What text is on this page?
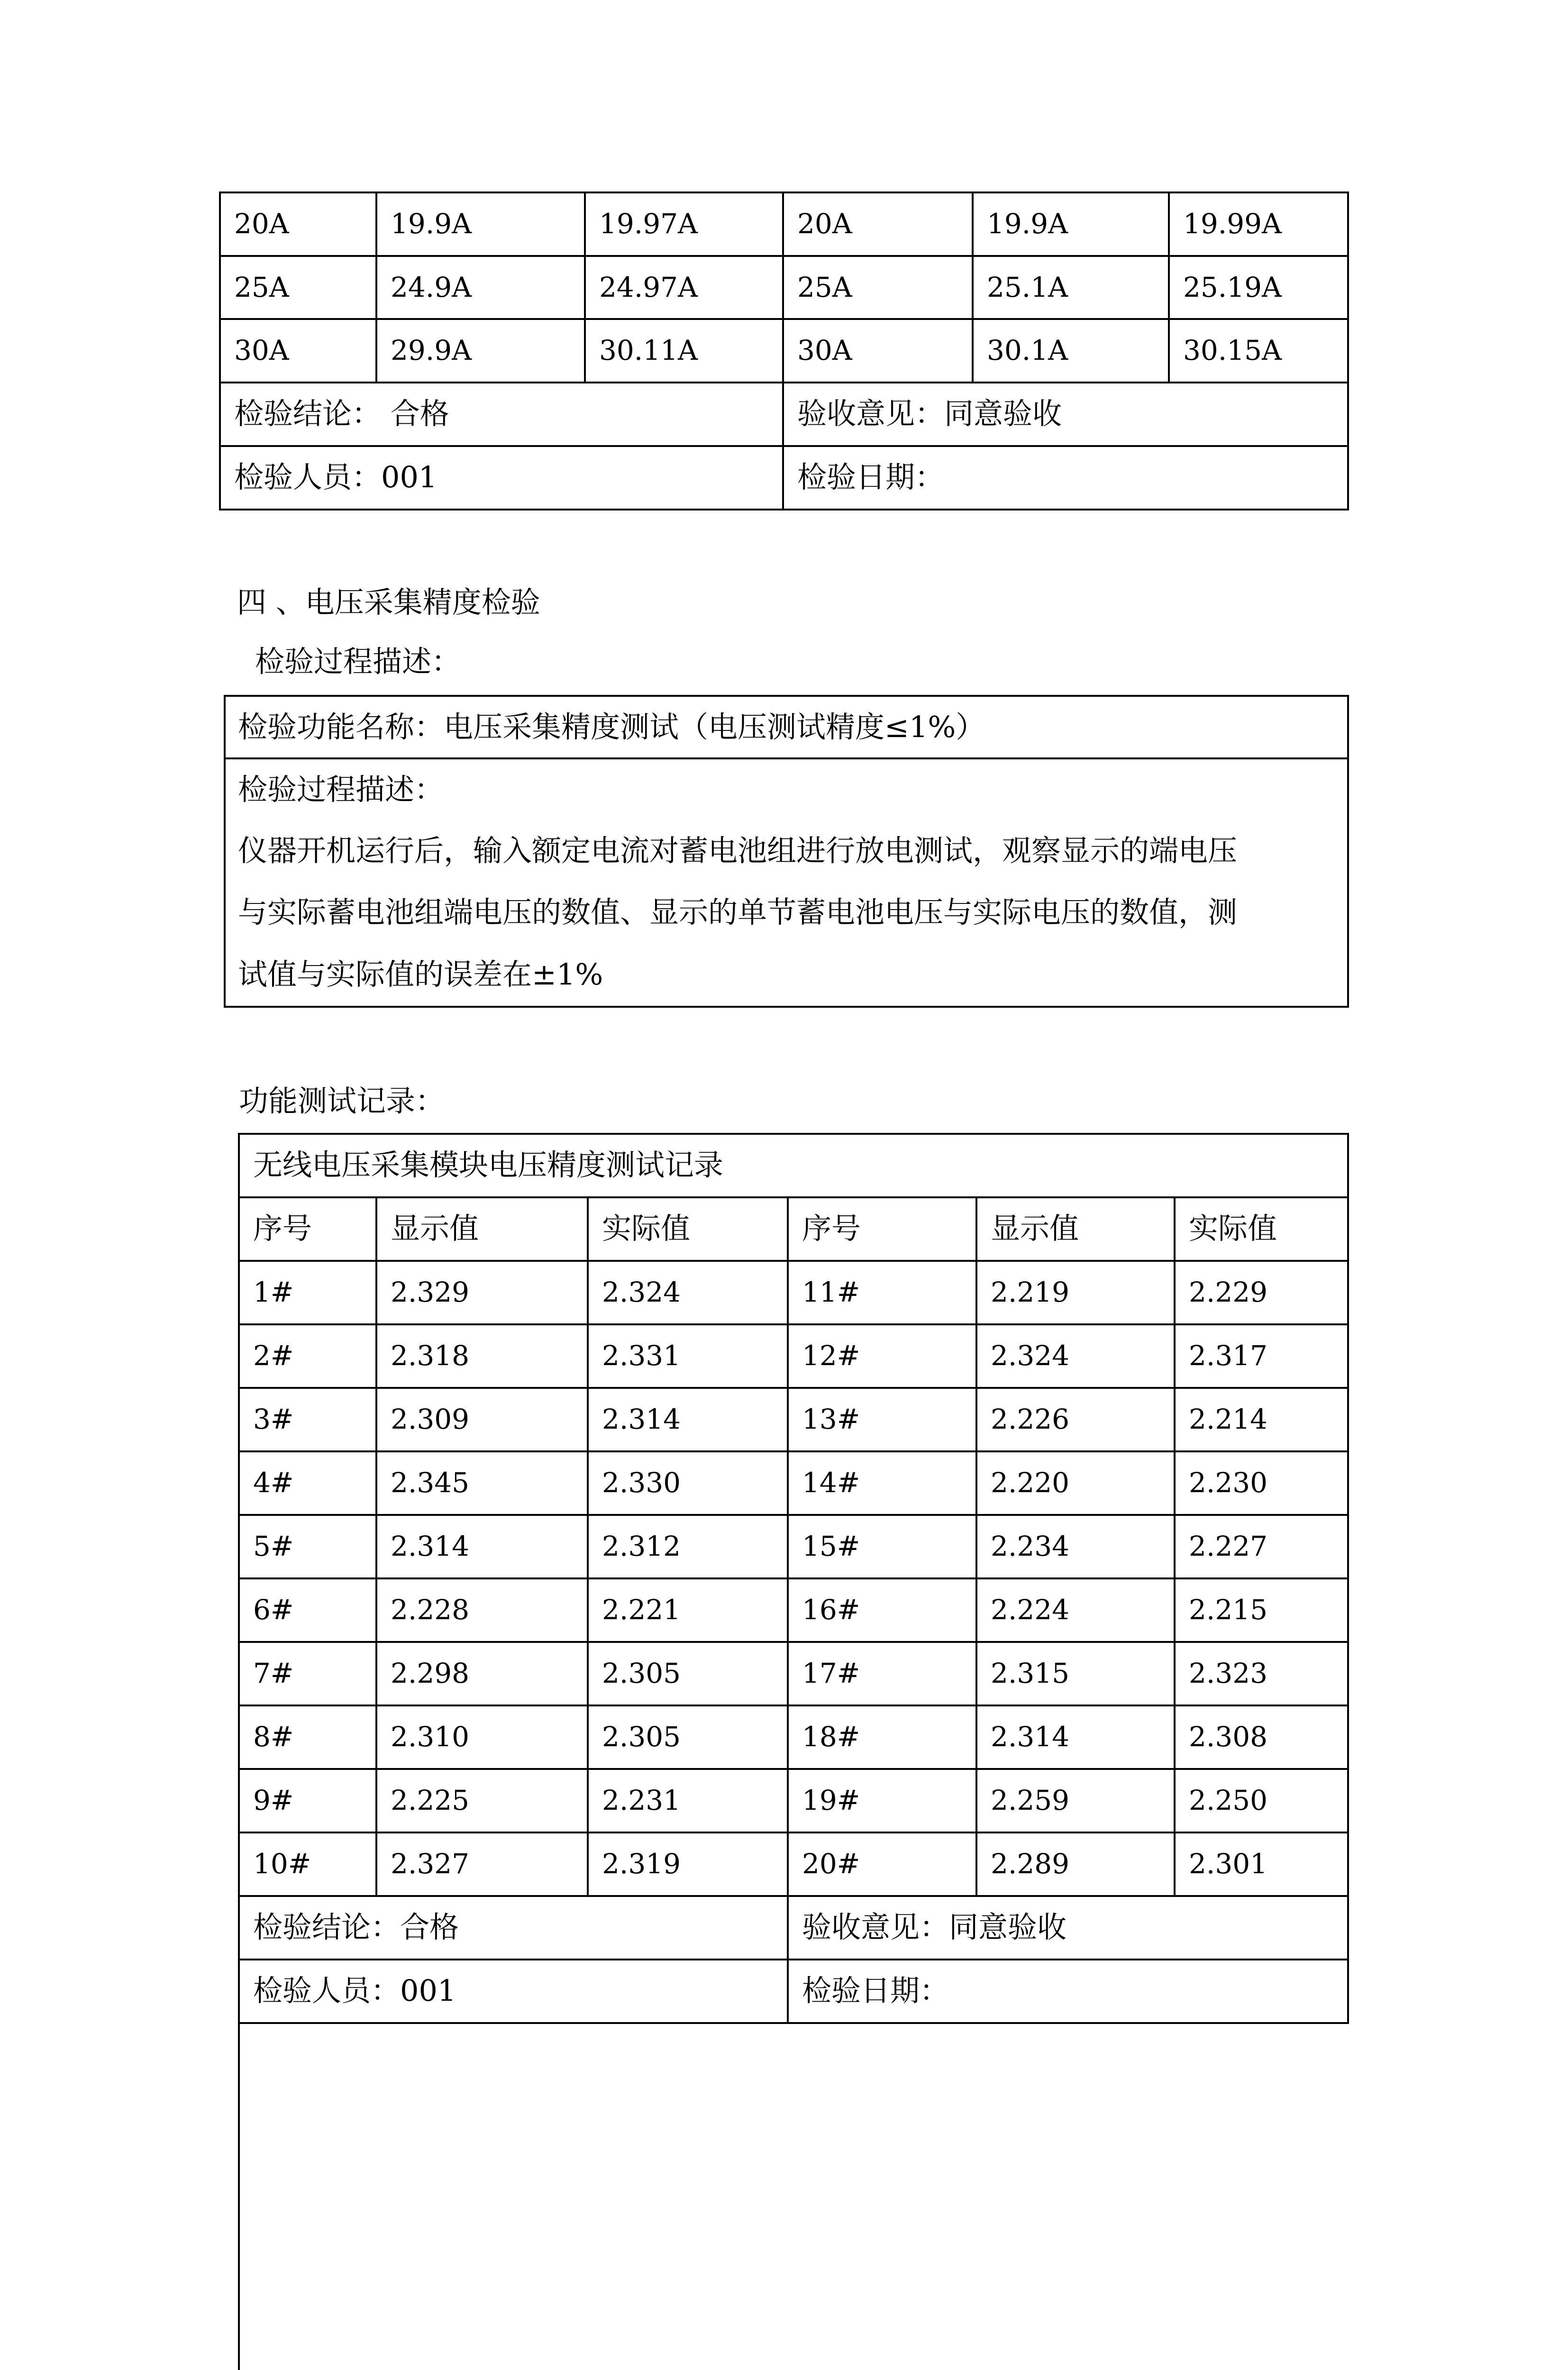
20A	19.9A	19.97A	20A	19.9A	19.99A
25A	24.9A	24.97A	25A	25.1A	25.19A
30A	29.9A	30.11A	30A	30.1A	30.15A
检验结论： 合格	验收意见：同意验收
检验人员：001	检验日期：
四 、电压采集精度检验
检验过程描述：
检验功能名称：电压采集精度测试（电压测试精度≤1%）
检验过程描述：
仪器开机运行后，输入额定电流对蓄电池组进行放电测试，观察显示的端电压
与实际蓄电池组端电压的数值、显示的单节蓄电池电压与实际电压的数值，测
试值与实际值的误差在±1%
功能测试记录：
无线电压采集模块电压精度测试记录
序号	显示值	实际值	序号	显示值	实际值
1#	2.329	2.324	11#	2.219	2.229
2#	2.318	2.331	12#	2.324	2.317
3#	2.309	2.314	13#	2.226	2.214
4#	2.345	2.330	14#	2.220	2.230
5#	2.314	2.312	15#	2.234	2.227
6#	2.228	2.221	16#	2.224	2.215
7#	2.298	2.305	17#	2.315	2.323
8#	2.310	2.305	18#	2.314	2.308
9#	2.225	2.231	19#	2.259	2.250
10#	2.327	2.319	20#	2.289	2.301
检验结论：合格	验收意见：同意验收
检验人员：001	检验日期：
